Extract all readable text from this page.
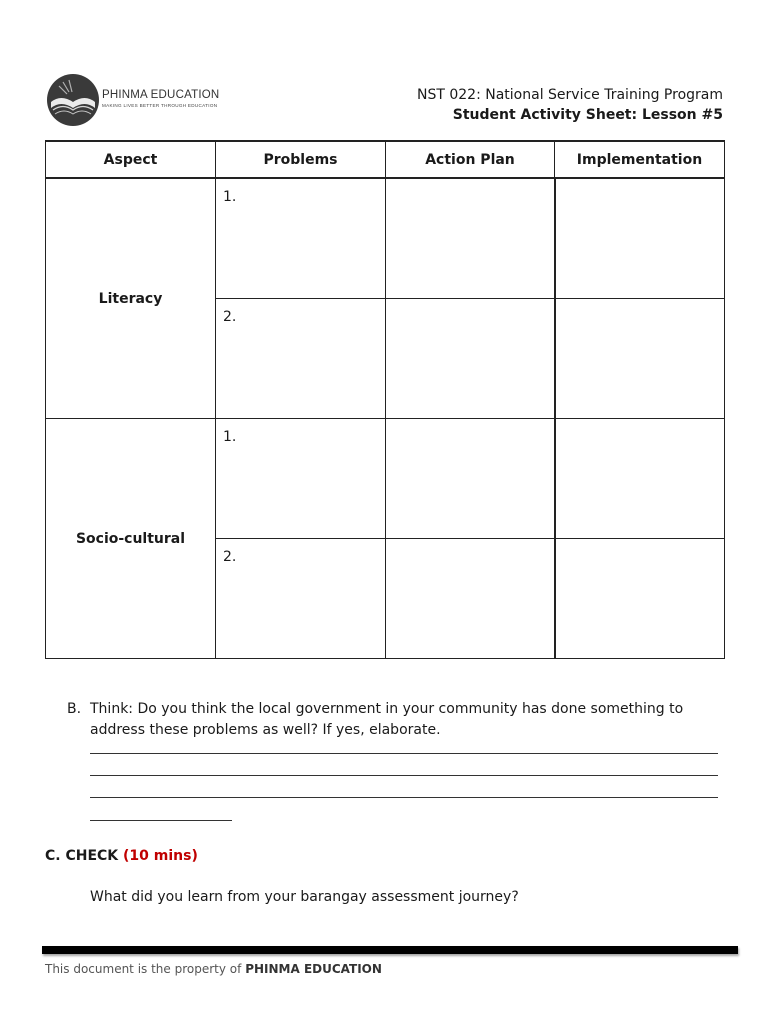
PHINMA EDUCATION
MAKING LIVES BETTER THROUGH EDUCATION
NST 022: National Service Training Program
Student Activity Sheet: Lesson #5
Aspect	Problems	Action Plan	Implementation
Literacy	1.		
	2.		
Socio-cultural	1.		
	2.		
B. Think: Do you think the local government in your community has done something to address these problems as well? If yes, elaborate.
C. CHECK (10 mins)
What did you learn from your barangay assessment journey?
This document is the property of PHINMA EDUCATION
